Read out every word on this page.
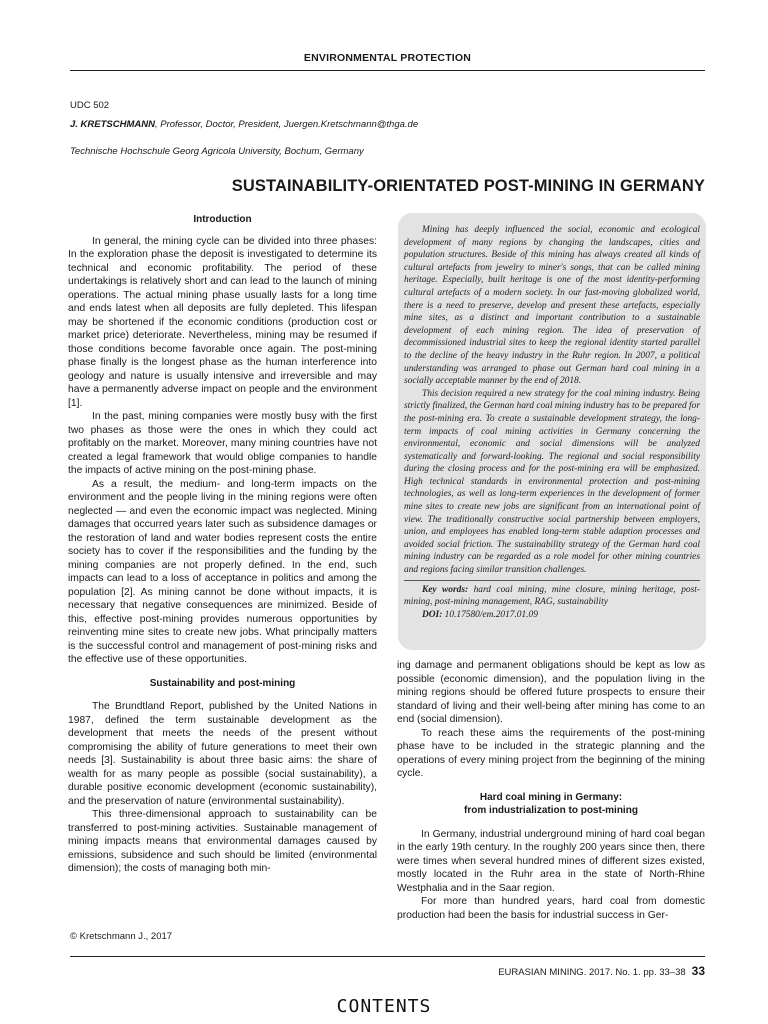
ENVIRONMENTAL PROTECTION
UDC 502
J. KRETSCHMANN, Professor, Doctor, President, Juergen.Kretschmann@thga.de
Technische Hochschule Georg Agricola University, Bochum, Germany
SUSTAINABILITY-ORIENTATED POST-MINING IN GERMANY
Introduction

In general, the mining cycle can be divided into three phases: In the exploration phase the deposit is investigated to determine its technical and economic profitability. The period of these undertakings is relatively short and can lead to the launch of mining operations. The actual mining phase usually lasts for a long time and ends latest when all deposits are fully depleted. This lifespan may be shortened if the economic conditions (production cost or market price) deteriorate. Nevertheless, mining may be resumed if those conditions become favorable once again. The post-mining phase finally is the longest phase as the human interference into geology and nature is usually intensive and irreversible and may have a permanently adverse impact on people and the environment [1].

In the past, mining companies were mostly busy with the first two phases as those were the ones in which they could act profitably on the market. Moreover, many mining countries have not created a legal framework that would oblige companies to handle the impacts of active mining on the post-mining phase.

As a result, the medium- and long-term impacts on the environment and the people living in the mining regions were often neglected — and even the economic impact was neglected. Mining damages that occurred years later such as subsidence damages or the restoration of land and water bodies represent costs the entire society has to cover if the responsibilities and the funding by the mining companies are not properly defined. In the end, such impacts can lead to a loss of acceptance in politics and among the population [2]. As mining cannot be done without impacts, it is necessary that negative consequences are minimized. Beside of this, effective post-mining provides numerous opportunities by reinventing mine sites to create new jobs. What principally matters is the successful control and management of post-mining risks and the effective use of these opportunities.

Sustainability and post-mining

The Brundtland Report, published by the United Nations in 1987, defined the term sustainable development as the development that meets the needs of the present without compromising the ability of future generations to meet their own needs [3]. Sustainability is about three basic aims: the share of wealth for as many people as possible (social sustainability), a durable positive economic development (economic sustainability), and the preservation of nature (environmental sustainability).

This three-dimensional approach to sustainability can be transferred to post-mining activities. Sustainable management of mining impacts means that environmental damages caused by emissions, subsidence and such should be limited (environmental dimension); the costs of managing both min-

Mining has deeply influenced the social, economic and ecological development of many regions by changing the landscapes, cities and population structures. Beside of this mining has always created all kinds of cultural artefacts from jewelry to miner's songs, that can be called mining heritage. Especially, built heritage is one of the most identity-performing cultural artefacts of a modern society. In our fast-moving globalized world, there is a need to preserve, develop and present these artefacts, especially mine sites, as a distinct and important contribution to a sustainable development of each mining region. The idea of preservation of decommissioned industrial sites to keep the regional identity started parallel to the decline of the heavy industry in the Ruhr region. In 2007, a political understanding was arranged to phase out German hard coal mining in a socially acceptable manner by the end of 2018.

This decision required a new strategy for the coal mining industry. Being strictly finalized, the German hard coal mining industry has to be prepared for the post-mining era. To create a sustainable development strategy, the long-term impacts of coal mining activities in Germany concerning the environmental, economic and social dimensions will be analyzed systematically and forward-looking. The regional and social responsibility during the closing process and for the post-mining era will be emphasized. High technical standards in environmental protection and post-mining technologies, as well as long-term experiences in the development of former mine sites to create new jobs are significant from an international point of view. The traditionally constructive social partnership between employers, union, and employees has enabled long-term stable adaption processes and avoided social friction. The sustainability strategy of the German hard coal mining industry can be regarded as a role model for other mining countries and regions facing similar transition challenges.

Key words: hard coal mining, mine closure, mining heritage, post-mining, post-mining management, RAG, sustainability

DOI: 10.17580/em.2017.01.09

ing damage and permanent obligations should be kept as low as possible (economic dimension), and the population living in the mining regions should be offered future prospects to ensure their standard of living and their well-being after mining has come to an end (social dimension).

To reach these aims the requirements of the post-mining phase have to be included in the strategic planning and the operations of every mining project from the beginning of the mining cycle.

Hard coal mining in Germany:
from industrialization to post-mining

In Germany, industrial underground mining of hard coal began in the early 19th century. In the roughly 200 years since then, there were times when several hundred mines of different sizes existed, mostly located in the Ruhr area in the state of North-Rhine Westphalia and in the Saar region.

For more than hundred years, hard coal from domestic production had been the basis for industrial success in Ger-

© Kretschmann J., 2017
EURASIAN MINING. 2017. No. 1. pp. 33–38 33
CONTENTS
